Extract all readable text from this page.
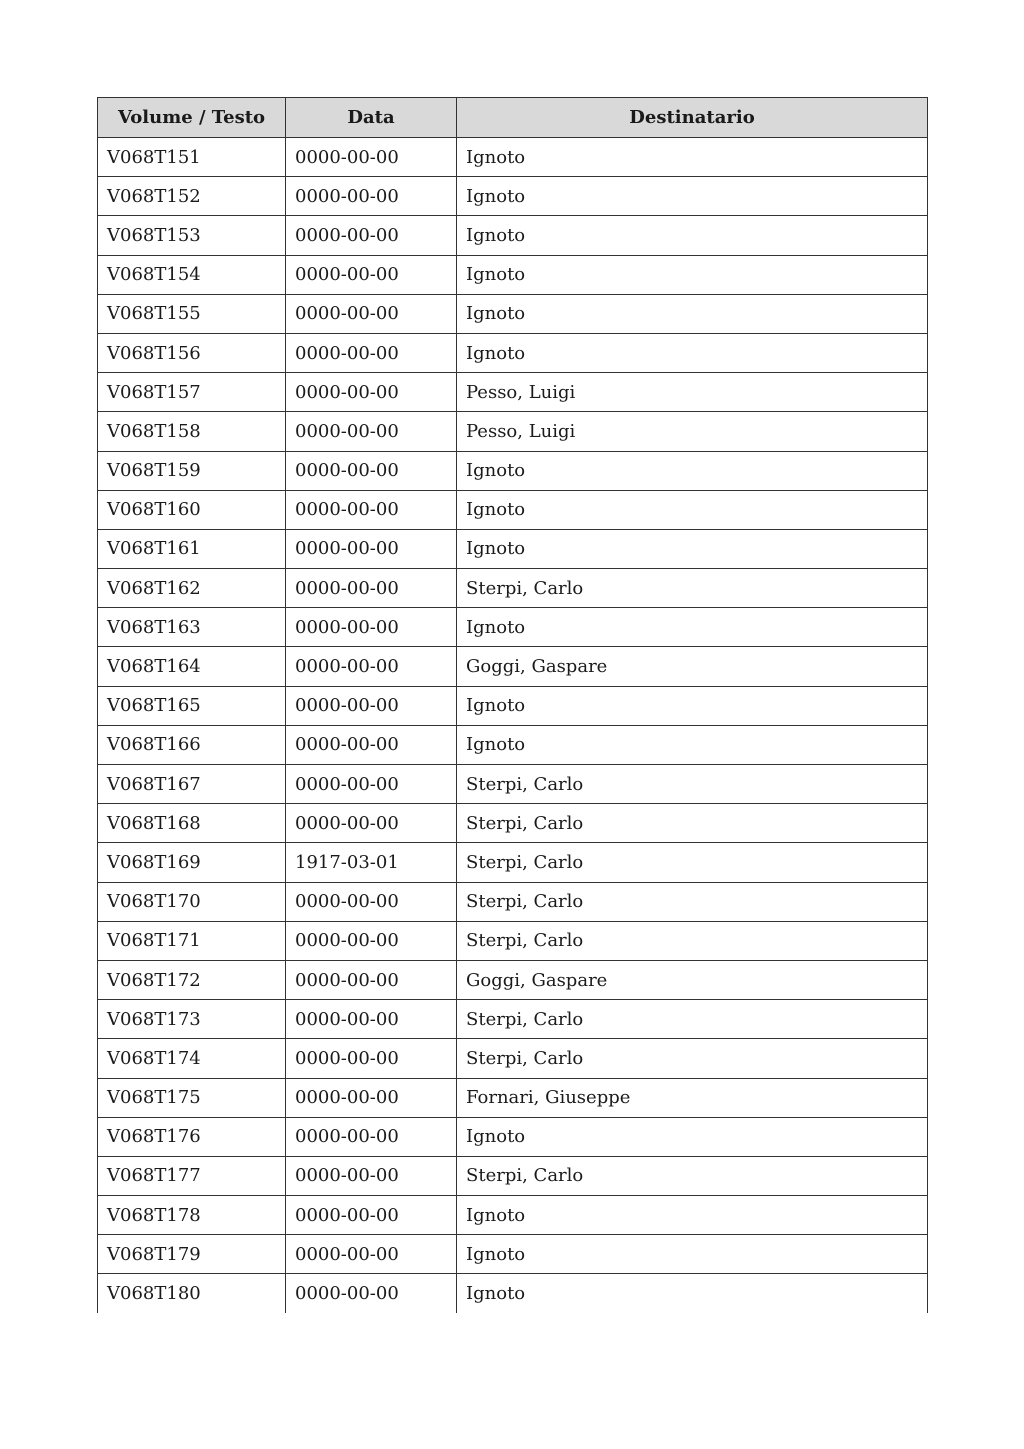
Volume / Testo	Data	Destinatario
V068T151	0000-00-00	Ignoto
V068T152	0000-00-00	Ignoto
V068T153	0000-00-00	Ignoto
V068T154	0000-00-00	Ignoto
V068T155	0000-00-00	Ignoto
V068T156	0000-00-00	Ignoto
V068T157	0000-00-00	Pesso, Luigi
V068T158	0000-00-00	Pesso, Luigi
V068T159	0000-00-00	Ignoto
V068T160	0000-00-00	Ignoto
V068T161	0000-00-00	Ignoto
V068T162	0000-00-00	Sterpi, Carlo
V068T163	0000-00-00	Ignoto
V068T164	0000-00-00	Goggi, Gaspare
V068T165	0000-00-00	Ignoto
V068T166	0000-00-00	Ignoto
V068T167	0000-00-00	Sterpi, Carlo
V068T168	0000-00-00	Sterpi, Carlo
V068T169	1917-03-01	Sterpi, Carlo
V068T170	0000-00-00	Sterpi, Carlo
V068T171	0000-00-00	Sterpi, Carlo
V068T172	0000-00-00	Goggi, Gaspare
V068T173	0000-00-00	Sterpi, Carlo
V068T174	0000-00-00	Sterpi, Carlo
V068T175	0000-00-00	Fornari, Giuseppe
V068T176	0000-00-00	Ignoto
V068T177	0000-00-00	Sterpi, Carlo
V068T178	0000-00-00	Ignoto
V068T179	0000-00-00	Ignoto
V068T180	0000-00-00	Ignoto
